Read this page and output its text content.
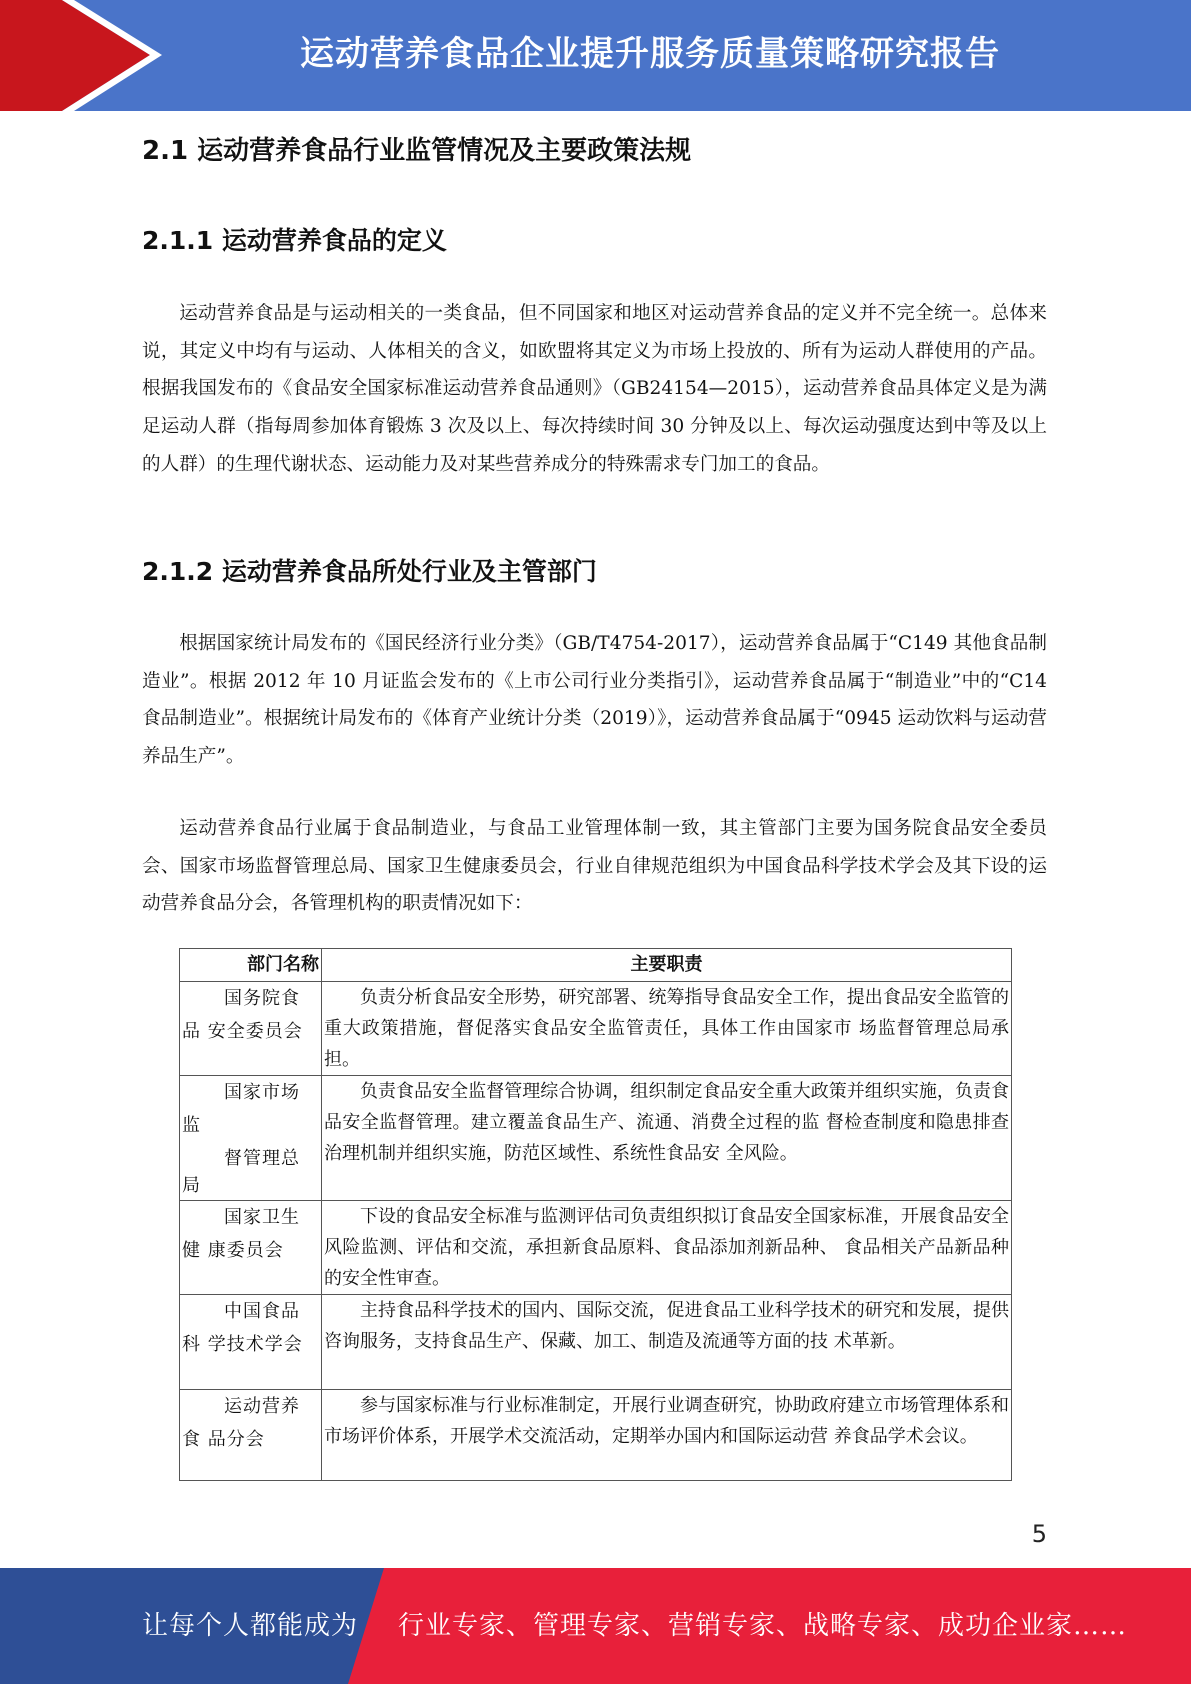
运动营养食品企业提升服务质量策略研究报告
2.1 运动营养食品行业监管情况及主要政策法规
2.1.1 运动营养食品的定义

运动营养食品是与运动相关的一类食品，但不同国家和地区对运动营养食品的定义并不完全统一。总体来说，其定义中均有与运动、人体相关的含义，如欧盟将其定义为市场上投放的、所有为运动人群使用的产品。根据我国发布的《食品安全国家标准运动营养食品通则》（GB24154—2015），运动营养食品具体定义是为满足运动人群（指每周参加体育锻炼 3 次及以上、每次持续时间 30 分钟及以上、每次运动强度达到中等及以上的人群）的生理代谢状态、运动能力及对某些营养成分的特殊需求专门加工的食品。

2.1.2 运动营养食品所处行业及主管部门

根据国家统计局发布的《国民经济行业分类》（GB/T4754-2017），运动营养食品属于“C149 其他食品制造业”。根据 2012 年 10 月证监会发布的《上市公司行业分类指引》，运动营养食品属于“制造业”中的“C14 食品制造业”。根据统计局发布的《体育产业统计分类（2019）》，运动营养食品属于“0945 运动饮料与运动营养品生产”。

运动营养食品行业属于食品制造业，与食品工业管理体制一致，其主管部门主要为国务院食品安全委员会、国家市场监督管理总局、国家卫生健康委员会，行业自律规范组织为中国食品科学技术学会及其下设的运动营养食品分会，各管理机构的职责情况如下：

部门名称	主要职责

国务院食
品 安全委员会	负责分析食品安全形势，研究部署、统筹指导食品安全工作，提出食品安全监管的重大政策措施，督促落实食品安全监管责任，具体工作由国家市 场监督管理总局承担。

国家市场
监
督管理总
局	负责食品安全监督管理综合协调，组织制定食品安全重大政策并组织实施，负责食品安全监督管理。建立覆盖食品生产、流通、消费全过程的监 督检查制度和隐患排查治理机制并组织实施，防范区域性、系统性食品安 全风险。

国家卫生
健 康委员会	下设的食品安全标准与监测评估司负责组织拟订食品安全国家标准，开展食品安全风险监测、评估和交流，承担新食品原料、食品添加剂新品种、 食品相关产品新品种的安全性审查。

中国食品
科 学技术学会	主持食品科学技术的国内、国际交流，促进食品工业科学技术的研究和发展，提供咨询服务，支持食品生产、保藏、加工、制造及流通等方面的技 术革新。

运动营养
食 品分会	参与国家标准与行业标准制定，开展行业调查研究，协助政府建立市场管理体系和市场评价体系，开展学术交流活动，定期举办国内和国际运动营 养食品学术会议。
5
让每个人都能成为 行业专家、管理专家、营销专家、战略专家、成功企业家……
